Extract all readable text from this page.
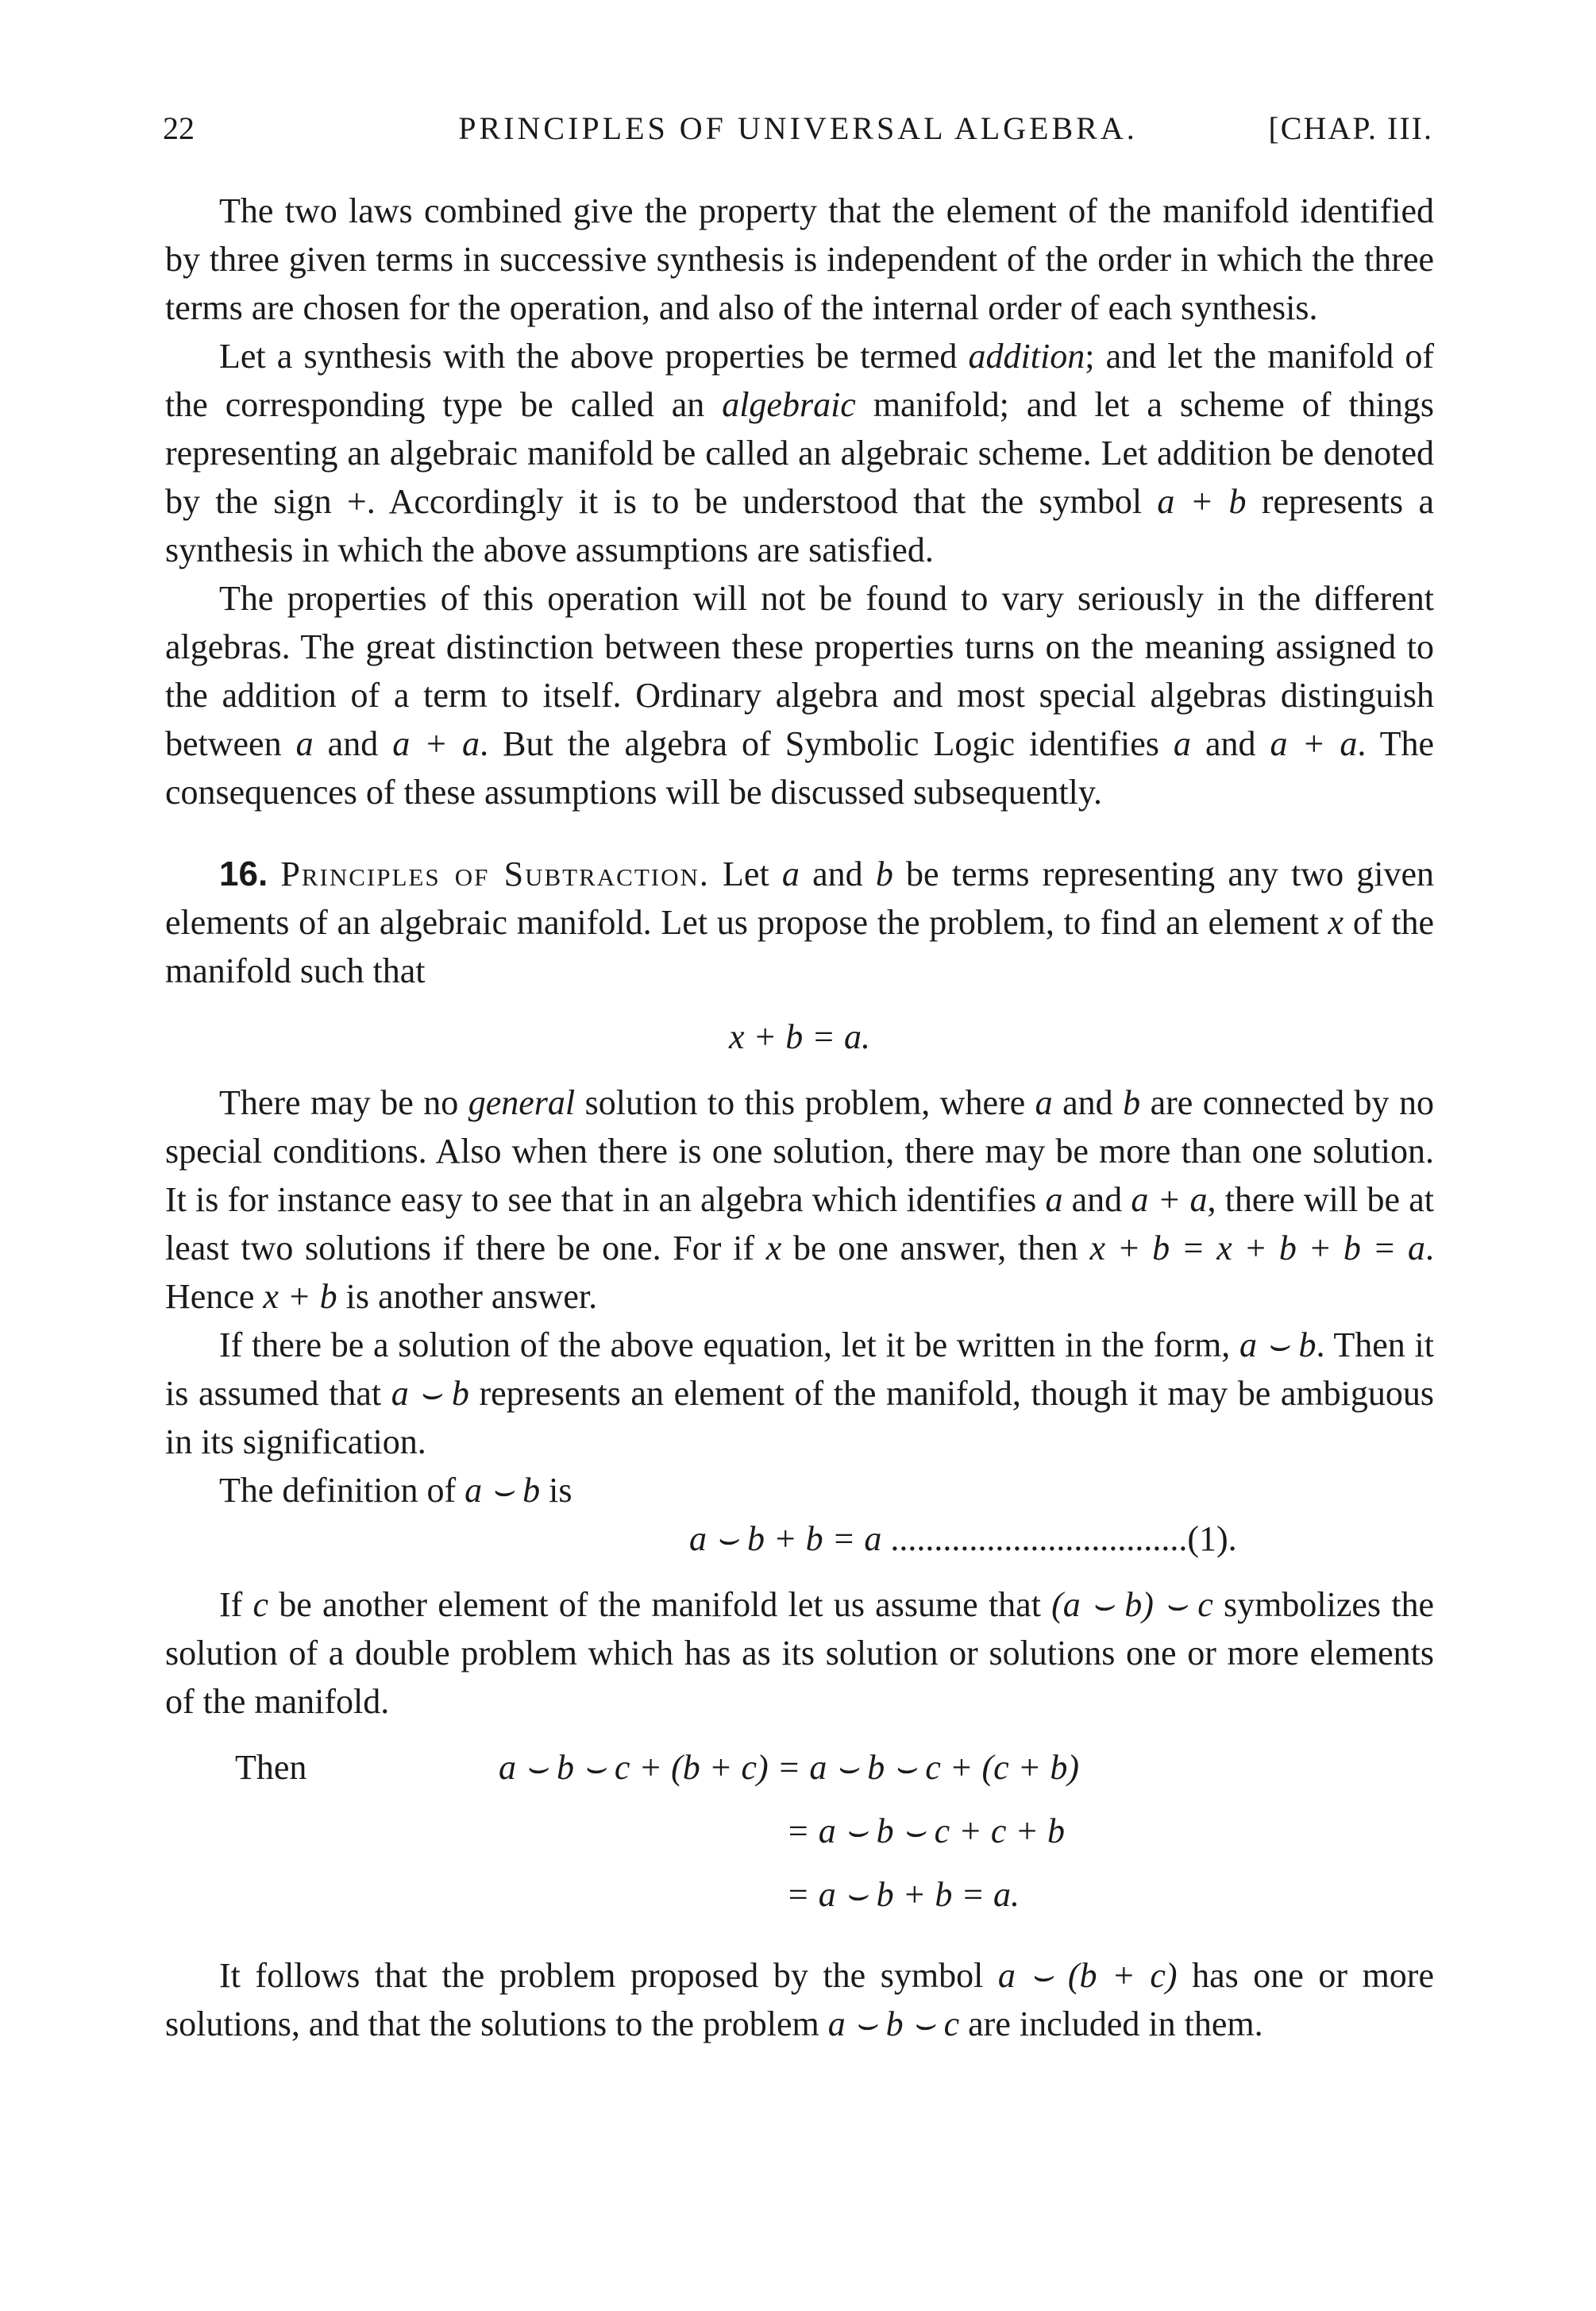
22	PRINCIPLES OF UNIVERSAL ALGEBRA.	[CHAP. III.

The two laws combined give the property that the element of the manifold identified by three given terms in successive synthesis is independent of the order in which the three terms are chosen for the operation, and also of the internal order of each synthesis.

Let a synthesis with the above properties be termed addition; and let the manifold of the corresponding type be called an algebraic manifold; and let a scheme of things representing an algebraic manifold be called an algebraic scheme. Let addition be denoted by the sign +. Accordingly it is to be understood that the symbol a + b represents a synthesis in which the above assumptions are satisfied.

The properties of this operation will not be found to vary seriously in the different algebras. The great distinction between these properties turns on the meaning assigned to the addition of a term to itself. Ordinary algebra and most special algebras distinguish between a and a + a. But the algebra of Symbolic Logic identifies a and a + a. The consequences of these assumptions will be discussed subsequently.

16. Principles of Subtraction. Let a and b be terms representing any two given elements of an algebraic manifold. Let us propose the problem, to find an element x of the manifold such that

x + b = a.

There may be no general solution to this problem, where a and b are connected by no special conditions. Also when there is one solution, there may be more than one solution. It is for instance easy to see that in an algebra which identifies a and a + a, there will be at least two solutions if there be one. For if x be one answer, then x + b = x + b + b = a. Hence x + b is another answer.

If there be a solution of the above equation, let it be written in the form, a ⌣ b. Then it is assumed that a ⌣ b represents an element of the manifold, though it may be ambiguous in its signification.

The definition of a ⌣ b is

a ⌣ b + b = a ..................................(1).

If c be another element of the manifold let us assume that (a ⌣ b) ⌣ c symbolizes the solution of a double problem which has as its solution or solutions one or more elements of the manifold.

Then	a ⌣ b ⌣ c + (b + c) = a ⌣ b ⌣ c + (c + b)
= a ⌣ b ⌣ c + c + b
= a ⌣ b + b = a.

It follows that the problem proposed by the symbol a ⌣ (b + c) has one or more solutions, and that the solutions to the problem a ⌣ b ⌣ c are included in them.
